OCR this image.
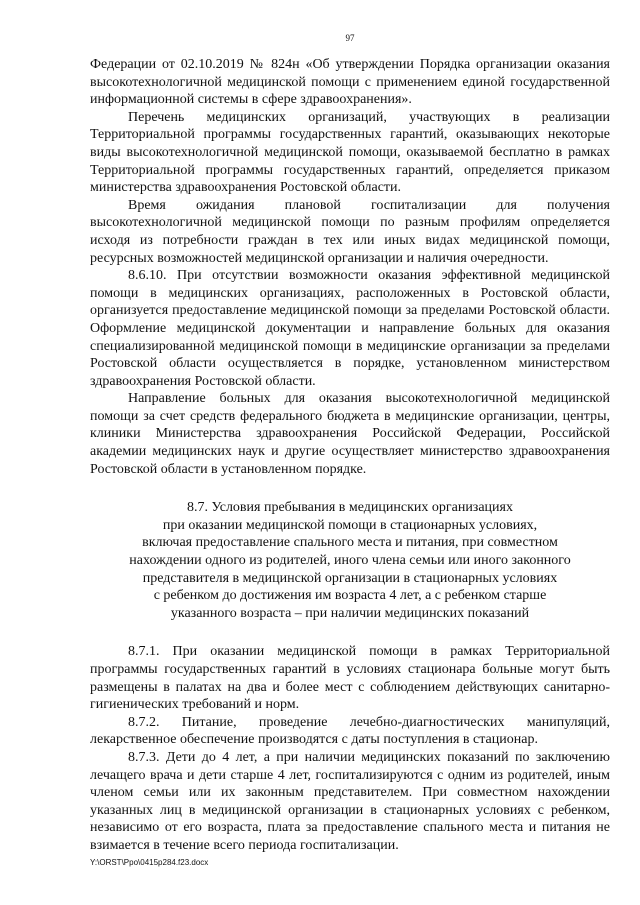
97

Федерации от 02.10.2019 № 824н «Об утверждении Порядка организации оказания высокотехнологичной медицинской помощи с применением единой государственной информационной системы в сфере здравоохранения».

Перечень медицинских организаций, участвующих в реализации Территориальной программы государственных гарантий, оказывающих некоторые виды высокотехнологичной медицинской помощи, оказываемой бесплатно в рамках Территориальной программы государственных гарантий, определяется приказом министерства здравоохранения Ростовской области.

Время ожидания плановой госпитализации для получения высокотехнологичной медицинской помощи по разным профилям определяется исходя из потребности граждан в тех или иных видах медицинской помощи, ресурсных возможностей медицинской организации и наличия очередности.

8.6.10. При отсутствии возможности оказания эффективной медицинской помощи в медицинских организациях, расположенных в Ростовской области, организуется предоставление медицинской помощи за пределами Ростовской области. Оформление медицинской документации и направление больных для оказания специализированной медицинской помощи в медицинские организации за пределами Ростовской области осуществляется в порядке, установленном министерством здравоохранения Ростовской области.

Направление больных для оказания высокотехнологичной медицинской помощи за счет средств федерального бюджета в медицинские организации, центры, клиники Министерства здравоохранения Российской Федерации, Российской академии медицинских наук и другие осуществляет министерство здравоохранения Ростовской области в установленном порядке.

8.7. Условия пребывания в медицинских организациях
при оказании медицинской помощи в стационарных условиях,
включая предоставление спального места и питания, при совместном
нахождении одного из родителей, иного члена семьи или иного законного
представителя в медицинской организации в стационарных условиях
с ребенком до достижения им возраста 4 лет, а с ребенком старше
указанного возраста – при наличии медицинских показаний

8.7.1. При оказании медицинской помощи в рамках Территориальной программы государственных гарантий в условиях стационара больные могут быть размещены в палатах на два и более мест с соблюдением действующих санитарно-гигиенических требований и норм.

8.7.2. Питание, проведение лечебно-диагностических манипуляций, лекарственное обеспечение производятся с даты поступления в стационар.

8.7.3. Дети до 4 лет, а при наличии медицинских показаний по заключению лечащего врача и дети старше 4 лет, госпитализируются с одним из родителей, иным членом семьи или их законным представителем. При совместном нахождении указанных лиц в медицинской организации в стационарных условиях с ребенком, независимо от его возраста, плата за предоставление спального места и питания не взимается в течение всего периода госпитализации.

Y:\ORST\Ppo\0415p284.f23.docx
